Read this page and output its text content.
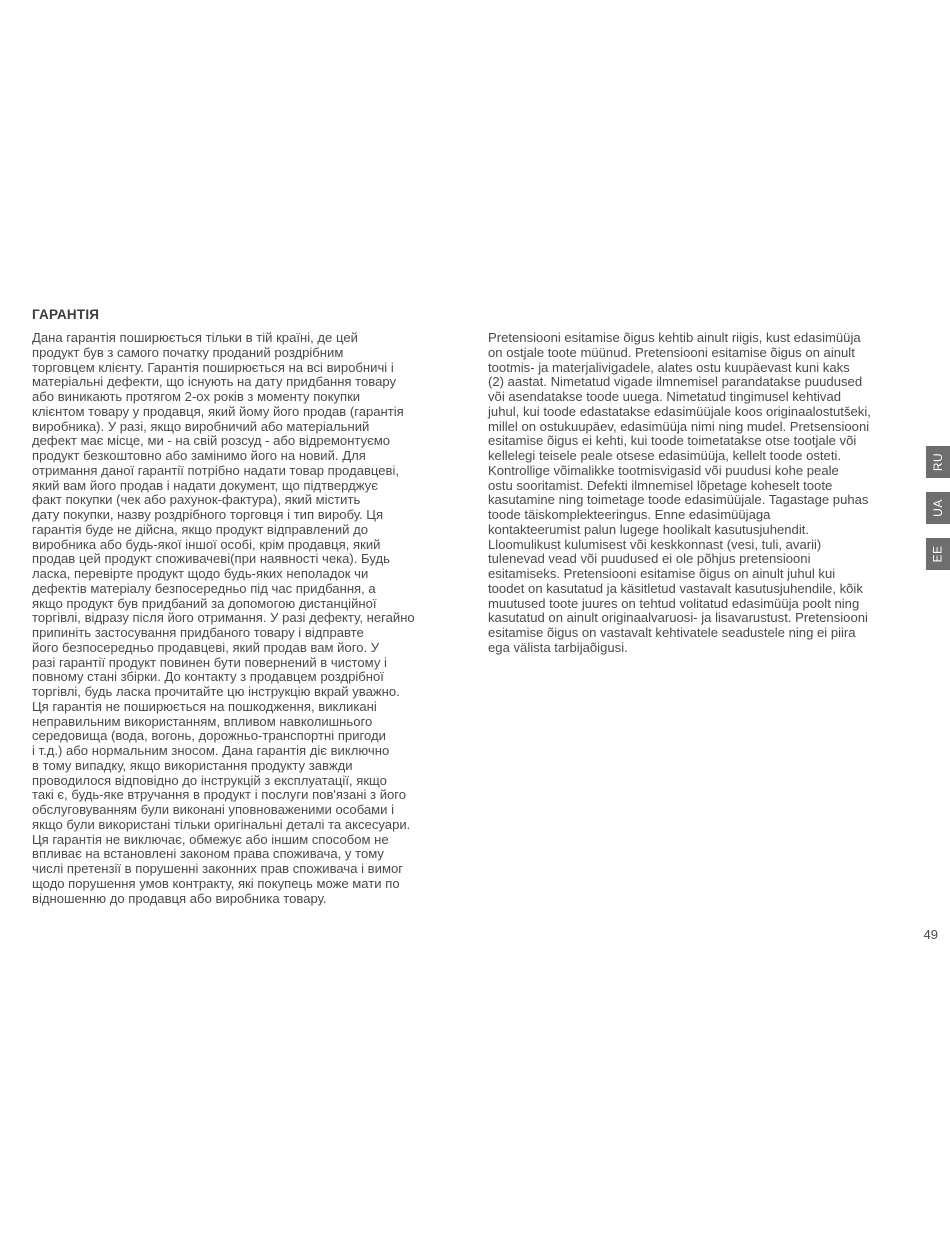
ГАРАНТІЯ
Дана гарантія поширюється тільки в тій країні, де цей
продукт був з самого початку проданий роздрібним
торговцем клієнту. Гарантія поширюється на всі виробничі і
матеріальні дефекти, що існують на дату придбання товару
або виникають протягом 2-ох років з моменту покупки
клієнтом товару у продавця, який йому його продав (гарантія
виробника). У разі, якщо виробничий або матеріальний
дефект має місце, ми - на свій розсуд - або відремонтуємо
продукт безкоштовно або замінимо його на новий. Для
отримання даної гарантії потрібно надати товар продавцеві,
який вам його продав і надати документ, що підтверджує
факт покупки (чек або рахунок-фактура), який містить
дату покупки, назву роздрібного торговця і тип виробу. Ця
гарантія буде не дійсна, якщо продукт відправлений до
виробника або будь-якої іншої особі, крім продавця, який
продав цей продукт споживачеві(при наявності чека). Будь
ласка, перевірте продукт щодо будь-яких неполадок чи
дефектів матеріалу безпосередньо під час придбання, а
якщо продукт був придбаний за допомогою дистанційної
торгівлі, відразу після його отримання. У разі дефекту, негайно
припиніть застосування придбаного товару і відправте
його безпосередньо продавцеві, який продав вам його. У
разі гарантії продукт повинен бути повернений в чистому і
повному стані збірки. До контакту з продавцем роздрібної
торгівлі, будь ласка прочитайте цю інструкцію вкрай уважно.
Ця гарантія не поширюється на пошкодження, викликані
неправильним використанням, впливом навколишнього
середовища (вода, вогонь, дорожньо-транспортні пригоди
і т.д.) або нормальним зносом. Дана гарантія діє виключно
в тому випадку, якщо використання продукту завжди
проводилося відповідно до інструкцій з експлуатації, якщо
такі є, будь-яке втручання в продукт і послуги пов'язані з його
обслуговуванням були виконані уповноваженими особами і
якщо були використані тільки оригінальні деталі та аксесуари.
Ця гарантія не виключає, обмежує або іншим способом не
впливає на встановлені законом права споживача, у тому
числі претензії в порушенні законних прав споживача і вимог
щодо порушення умов контракту, які покупець може мати по
відношенню до продавця або виробника товару.
Pretensiooni esitamise õigus kehtib ainult riigis, kust edasimüüja
on ostjale toote müünud. Pretensiooni esitamise õigus on ainult
tootmis- ja materjalivigadele, alates ostu kuupäevast kuni kaks
(2) aastat. Nimetatud vigade ilmnemisel parandatakse puudused
või asendatakse toode uuega. Nimetatud tingimusel kehtivad
juhul, kui toode edastatakse edasimüüjale koos originaalostutšeki,
millel on ostukuupäev, edasimüüja nimi ning mudel. Pretsensiooni
esitamise õigus ei kehti, kui toode toimetatakse otse tootjale või
kellelegi teisele peale otsese edasimüüja, kellelt toode osteti.
Kontrollige võimalikke tootmisvigasid või puudusi kohe peale
ostu sooritamist. Defekti ilmnemisel lõpetage koheselt toote
kasutamine ning toimetage toode edasimüüjale. Tagastage puhas
toode täiskomplekteeringus. Enne edasimüüjaga
kontakteerumist palun lugege hoolikalt kasutusjuhendit.
Lloomulikust kulumisest või keskkonnast (vesi, tuli, avarii)
tulenevad vead või puudused ei ole põhjus pretensiooni
esitamiseks. Pretensiooni esitamise õigus on ainult juhul kui
toodet on kasutatud ja käsitletud vastavalt kasutusjuhendile, kõik
muutused toote juures on tehtud volitatud edasimüüja poolt ning
kasutatud on ainult originaalvaruosi- ja lisavarustust. Pretensiooni
esitamise õigus on vastavalt kehtivatele seadustele ning ei piira
ega välista tarbijaõigusi.
RU
UA
EE
49
